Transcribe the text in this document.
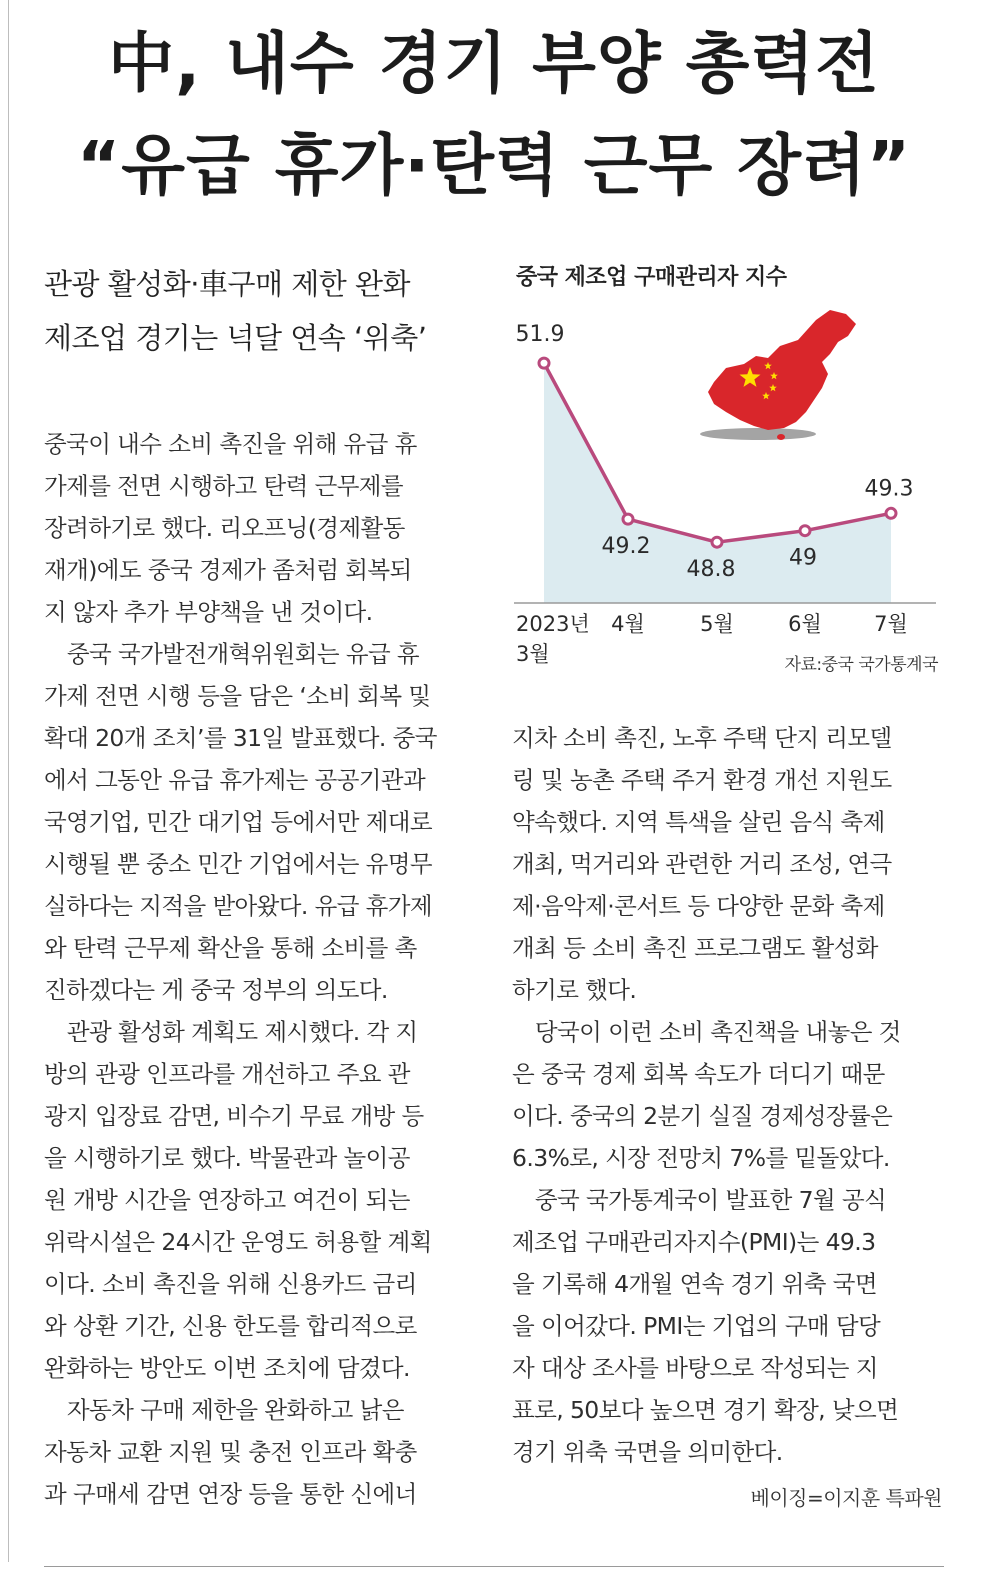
中, 내수 경기 부양 총력전
“유급 휴가·탄력 근무 장려”
관광 활성화·車구매 제한 완화
제조업 경기는 넉달 연속 ‘위축’
중국 제조업 구매관리자 지수
51.9
49.2
48.8 49
49.3
2023년 3월
4월	5월	6월 7월
자료:중국 국가통계국
중국이 내수 소비 촉진을 위해 유급 휴
가제를 전면 시행하고 탄력 근무제를
장려하기로 했다. 리오프닝(경제활동
재개)에도 중국 경제가 좀처럼 회복되
지 않자 추가 부양책을 낸 것이다.
　중국 국가발전개혁위원회는 유급 휴
가제 전면 시행 등을 담은 ‘소비 회복 및
확대 20개 조치’를 31일 발표했다. 중국
에서 그동안 유급 휴가제는 공공기관과
국영기업, 민간 대기업 등에서만 제대로
시행될 뿐 중소 민간 기업에서는 유명무
실하다는 지적을 받아왔다. 유급 휴가제
와 탄력 근무제 확산을 통해 소비를 촉
진하겠다는 게 중국 정부의 의도다.
　관광 활성화 계획도 제시했다. 각 지
방의 관광 인프라를 개선하고 주요 관
광지 입장료 감면, 비수기 무료 개방 등
을 시행하기로 했다. 박물관과 놀이공
원 개방 시간을 연장하고 여건이 되는
위락시설은 24시간 운영도 허용할 계획
이다. 소비 촉진을 위해 신용카드 금리
와 상환 기간, 신용 한도를 합리적으로
완화하는 방안도 이번 조치에 담겼다.
　자동차 구매 제한을 완화하고 낡은
자동차 교환 지원 및 충전 인프라 확충
과 구매세 감면 연장 등을 통한 신에너
지차 소비 촉진, 노후 주택 단지 리모델
링 및 농촌 주택 주거 환경 개선 지원도
약속했다. 지역 특색을 살린 음식 축제
개최, 먹거리와 관련한 거리 조성, 연극
제·음악제·콘서트 등 다양한 문화 축제
개최 등 소비 촉진 프로그램도 활성화
하기로 했다.
　당국이 이런 소비 촉진책을 내놓은 것
은 중국 경제 회복 속도가 더디기 때문
이다. 중국의 2분기 실질 경제성장률은
6.3%로, 시장 전망치 7%를 밑돌았다.
　중국 국가통계국이 발표한 7월 공식
제조업 구매관리자지수(PMI)는 49.3
을 기록해 4개월 연속 경기 위축 국면
을 이어갔다. PMI는 기업의 구매 담당
자 대상 조사를 바탕으로 작성되는 지
표로, 50보다 높으면 경기 확장, 낮으면
경기 위축 국면을 의미한다.
베이징=이지훈 특파원
